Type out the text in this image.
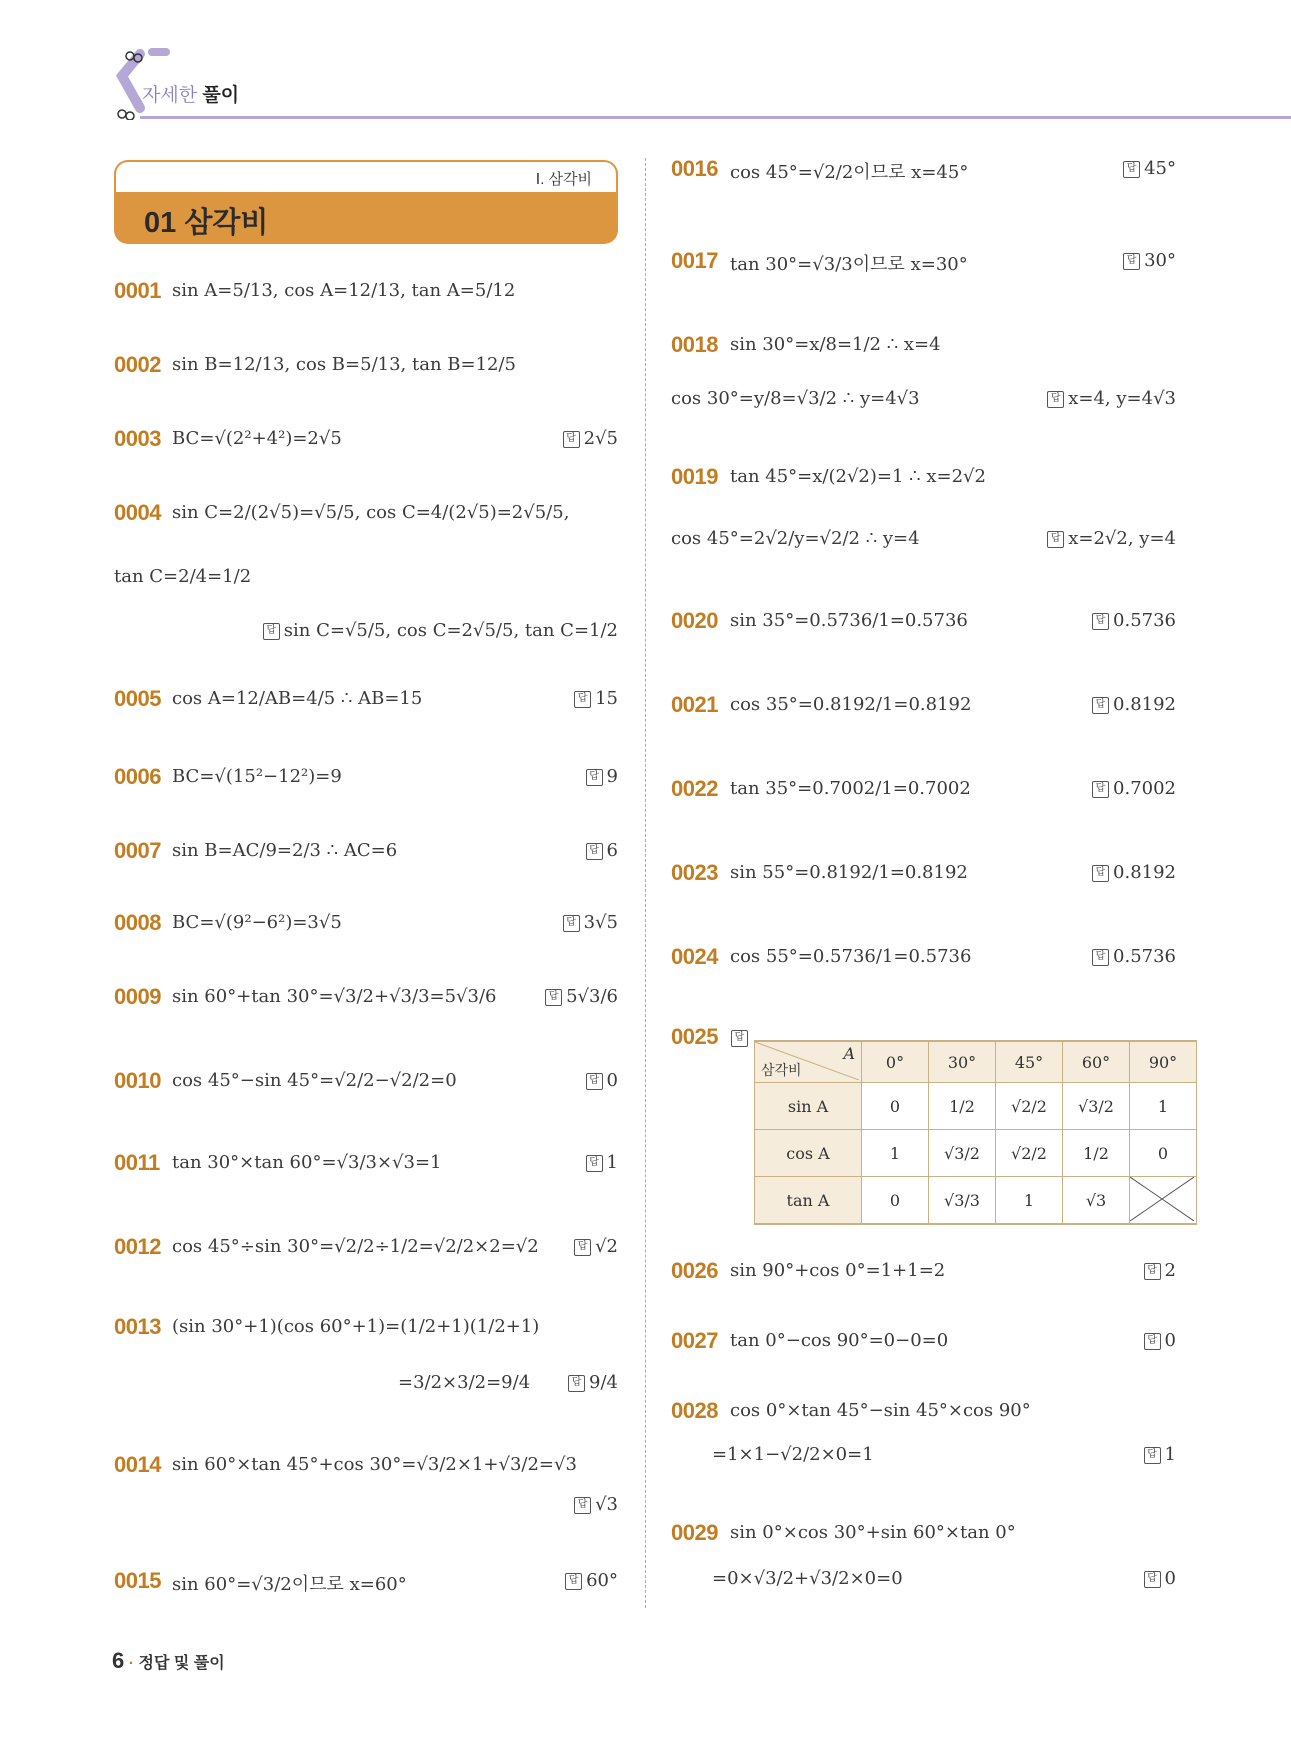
자세한 풀이
Ⅰ. 삼각비
01 삼각비
0001 sin A=5/13, cos A=12/13, tan A=5/12
0002 sin B=12/13, cos B=5/13, tan B=12/5
0003 BC=√(2²+4²)=2√5	답 2√5
0004 sin C=2/(2√5)=√5/5, cos C=4/(2√5)=2√5/5,
tan C=2/4=1/2
답 sin C=√5/5, cos C=2√5/5, tan C=1/2
0005 cos A=12/AB=4/5 ∴ AB=15	답 15
0006 BC=√(15²−12²)=9	답 9
0007 sin B=AC/9=2/3 ∴ AC=6	답 6
0008 BC=√(9²−6²)=3√5	답 3√5
0009 sin 60°+tan 30°=√3/2+√3/3=5√3/6	답 5√3/6
0010 cos 45°−sin 45°=√2/2−√2/2=0	답 0
0011 tan 30°×tan 60°=√3/3×√3=1	답 1
0012 cos 45°÷sin 30°=√2/2÷1/2=√2/2×2=√2	답 √2
0013 (sin 30°+1)(cos 60°+1)=(1/2+1)(1/2+1)
=3/2×3/2=9/4	답 9/4
0014 sin 60°×tan 45°+cos 30°=√3/2×1+√3/2=√3
답 √3
0015 sin 60°=√3/2이므로 x=60°	답 60°
0016 cos 45°=√2/2이므로 x=45°	답 45°
0017 tan 30°=√3/3이므로 x=30°	답 30°
0018 sin 30°=x/8=1/2 ∴ x=4
cos 30°=y/8=√3/2 ∴ y=4√3	답 x=4, y=4√3
0019 tan 45°=x/(2√2)=1 ∴ x=2√2
cos 45°=2√2/y=√2/2 ∴ y=4	답 x=2√2, y=4
0020 sin 35°=0.5736/1=0.5736	답 0.5736
0021 cos 35°=0.8192/1=0.8192	답 0.8192
0022 tan 35°=0.7002/1=0.7002	답 0.7002
0023 sin 55°=0.8192/1=0.8192	답 0.8192
0024 cos 55°=0.5736/1=0.5736	답 0.5736
0025	답
0026 sin 90°+cos 0°=1+1=2	답 2
0027 tan 0°−cos 90°=0−0=0	답 0
0028 cos 0°×tan 45°−sin 45°×cos 90°
=1×1−√2/2×0=1	답 1
0029 sin 0°×cos 30°+sin 60°×tan 0°
=0×√3/2+√3/2×0=0	답 0
A
삼각비	0°	30°	45°	60°	90°
sin A	0	1/2	√2/2	√3/2	1
cos A	1	√3/2	√2/2	1/2	0
tan A	0	√3/3	1	√3	
6 · 정답 및 풀이
